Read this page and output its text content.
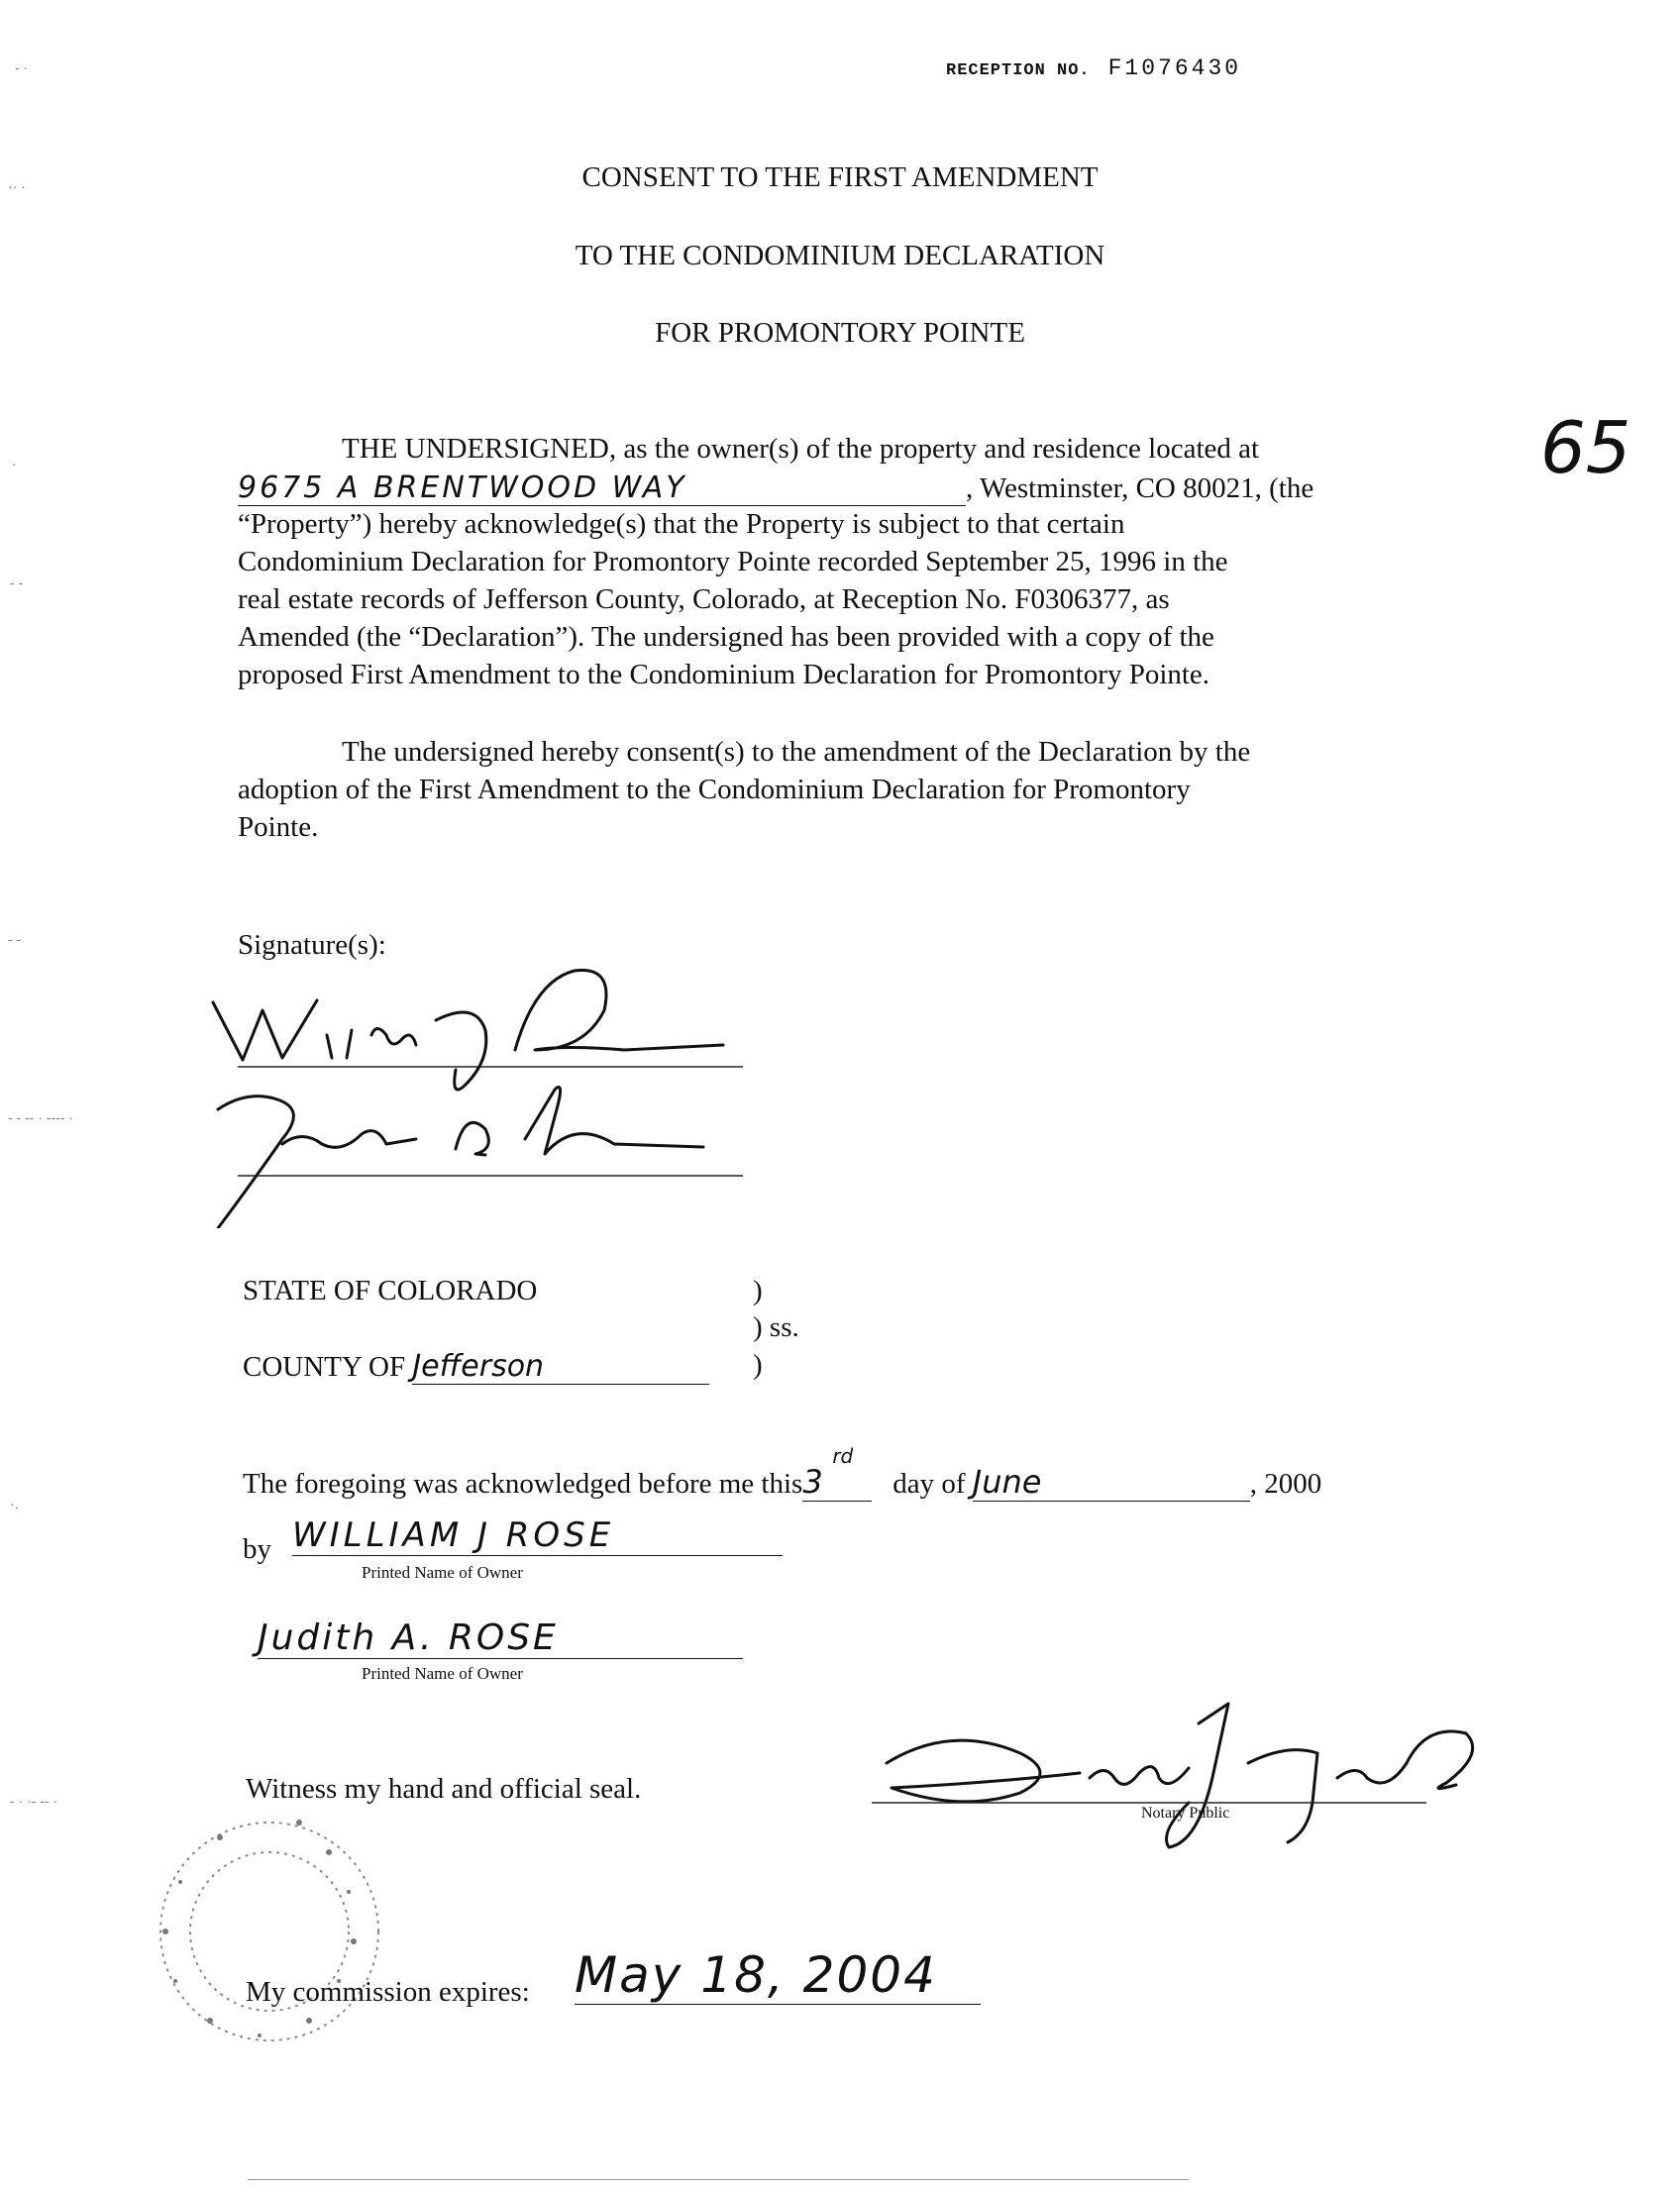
RECEPTION NO. F1076430
65
CONSENT TO THE FIRST AMENDMENT
TO THE CONDOMINIUM DECLARATION
FOR PROMONTORY POINTE
THE UNDERSIGNED, as the owner(s) of the property and residence located at
9675 A BRENTWOOD WAY	, Westminster, CO 80021, (the
“Property”) hereby acknowledge(s) that the Property is subject to that certain
Condominium Declaration for Promontory Pointe recorded September 25, 1996 in the
real estate records of Jefferson County, Colorado, at Reception No. F0306377, as
Amended (the “Declaration”). The undersigned has been provided with a copy of the
proposed First Amendment to the Condominium Declaration for Promontory Pointe.
The undersigned hereby consent(s) to the amendment of the Declaration by the
adoption of the First Amendment to the Condominium Declaration for Promontory
Pointe.
Signature(s):
STATE OF COLORADO	)
) ss.
COUNTY OF Jefferson	)
The foregoing was acknowledged before me this3rdday of June	, 2000
by WILLIAM J ROSE
Printed Name of Owner
Judith A. ROSE
Printed Name of Owner
Witness my hand and official seal.
Notary Public
My commission expires: May 18, 2004
- ·
·· ·
·
- -
- -
- - -- · ---- ·
·.
- · ·- -- ·
